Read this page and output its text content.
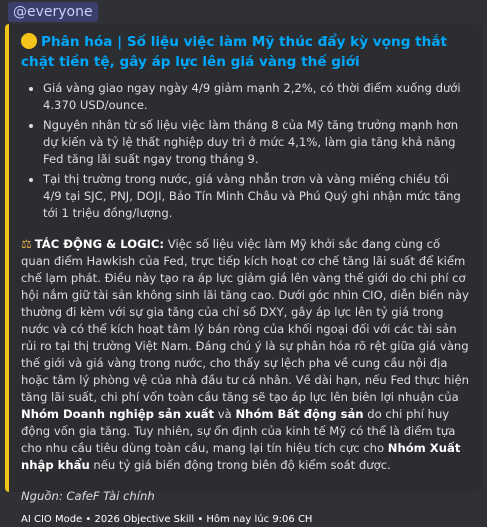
@everyone
Phân hóa | Số liệu việc làm Mỹ thúc đẩy kỳ vọng thắt chặt tiền tệ, gây áp lực lên giá vàng thế giới
• Giá vàng giao ngay ngày 4/9 giảm mạnh 2,2%, có thời điểm xuống dưới 4.370 USD/ounce.
• Nguyên nhân từ số liệu việc làm tháng 8 của Mỹ tăng trưởng mạnh hơn dự kiến và tỷ lệ thất nghiệp duy trì ở mức 4,1%, làm gia tăng khả năng Fed tăng lãi suất ngay trong tháng 9.
• Tại thị trường trong nước, giá vàng nhẫn trơn và vàng miếng chiều tối 4/9 tại SJC, PNJ, DOJI, Bảo Tín Minh Châu và Phú Quý ghi nhận mức tăng tới 1 triệu đồng/lượng.
⚖ TÁC ĐỘNG & LOGIC: Việc số liệu việc làm Mỹ khởi sắc đang cùng cố quan điểm Hawkish của Fed, trực tiếp kích hoạt cơ chế tăng lãi suất để kiểm chế lạm phát. Điều này tạo ra áp lực giảm giá lên vàng thế giới do chi phí cơ hội nắm giữ tài sản không sinh lãi tăng cao. Dưới góc nhìn CIO, diễn biến này thường đi kèm với sự gia tăng của chỉ số DXY, gây áp lực lên tỷ giá trong nước và có thể kích hoạt tâm lý bán ròng của khối ngoại đối với các tài sản rủi ro tại thị trường Việt Nam. Đáng chú ý là sự phân hóa rõ rệt giữa giá vàng thế giới và giá vàng trong nước, cho thấy sự lệch pha về cung cầu nội địa hoặc tâm lý phòng vệ của nhà đầu tư cá nhân. Về dài hạn, nếu Fed thực hiện tăng lãi suất, chi phí vốn toàn cầu tăng sẽ tạo áp lực lên biên lợi nhuận của Nhóm Doanh nghiệp sản xuất và Nhóm Bất động sản do chi phí huy động vốn gia tăng. Tuy nhiên, sự ổn định của kinh tế Mỹ có thể là điểm tựa cho nhu cầu tiêu dùng toàn cầu, mang lại tín hiệu tích cực cho Nhóm Xuất nhập khẩu nếu tỷ giá biến động trong biên độ kiểm soát được.
Nguồn: CafeF Tài chính
AI CIO Mode • 2026 Objective Skill • Hôm nay lúc 9:06 CH
